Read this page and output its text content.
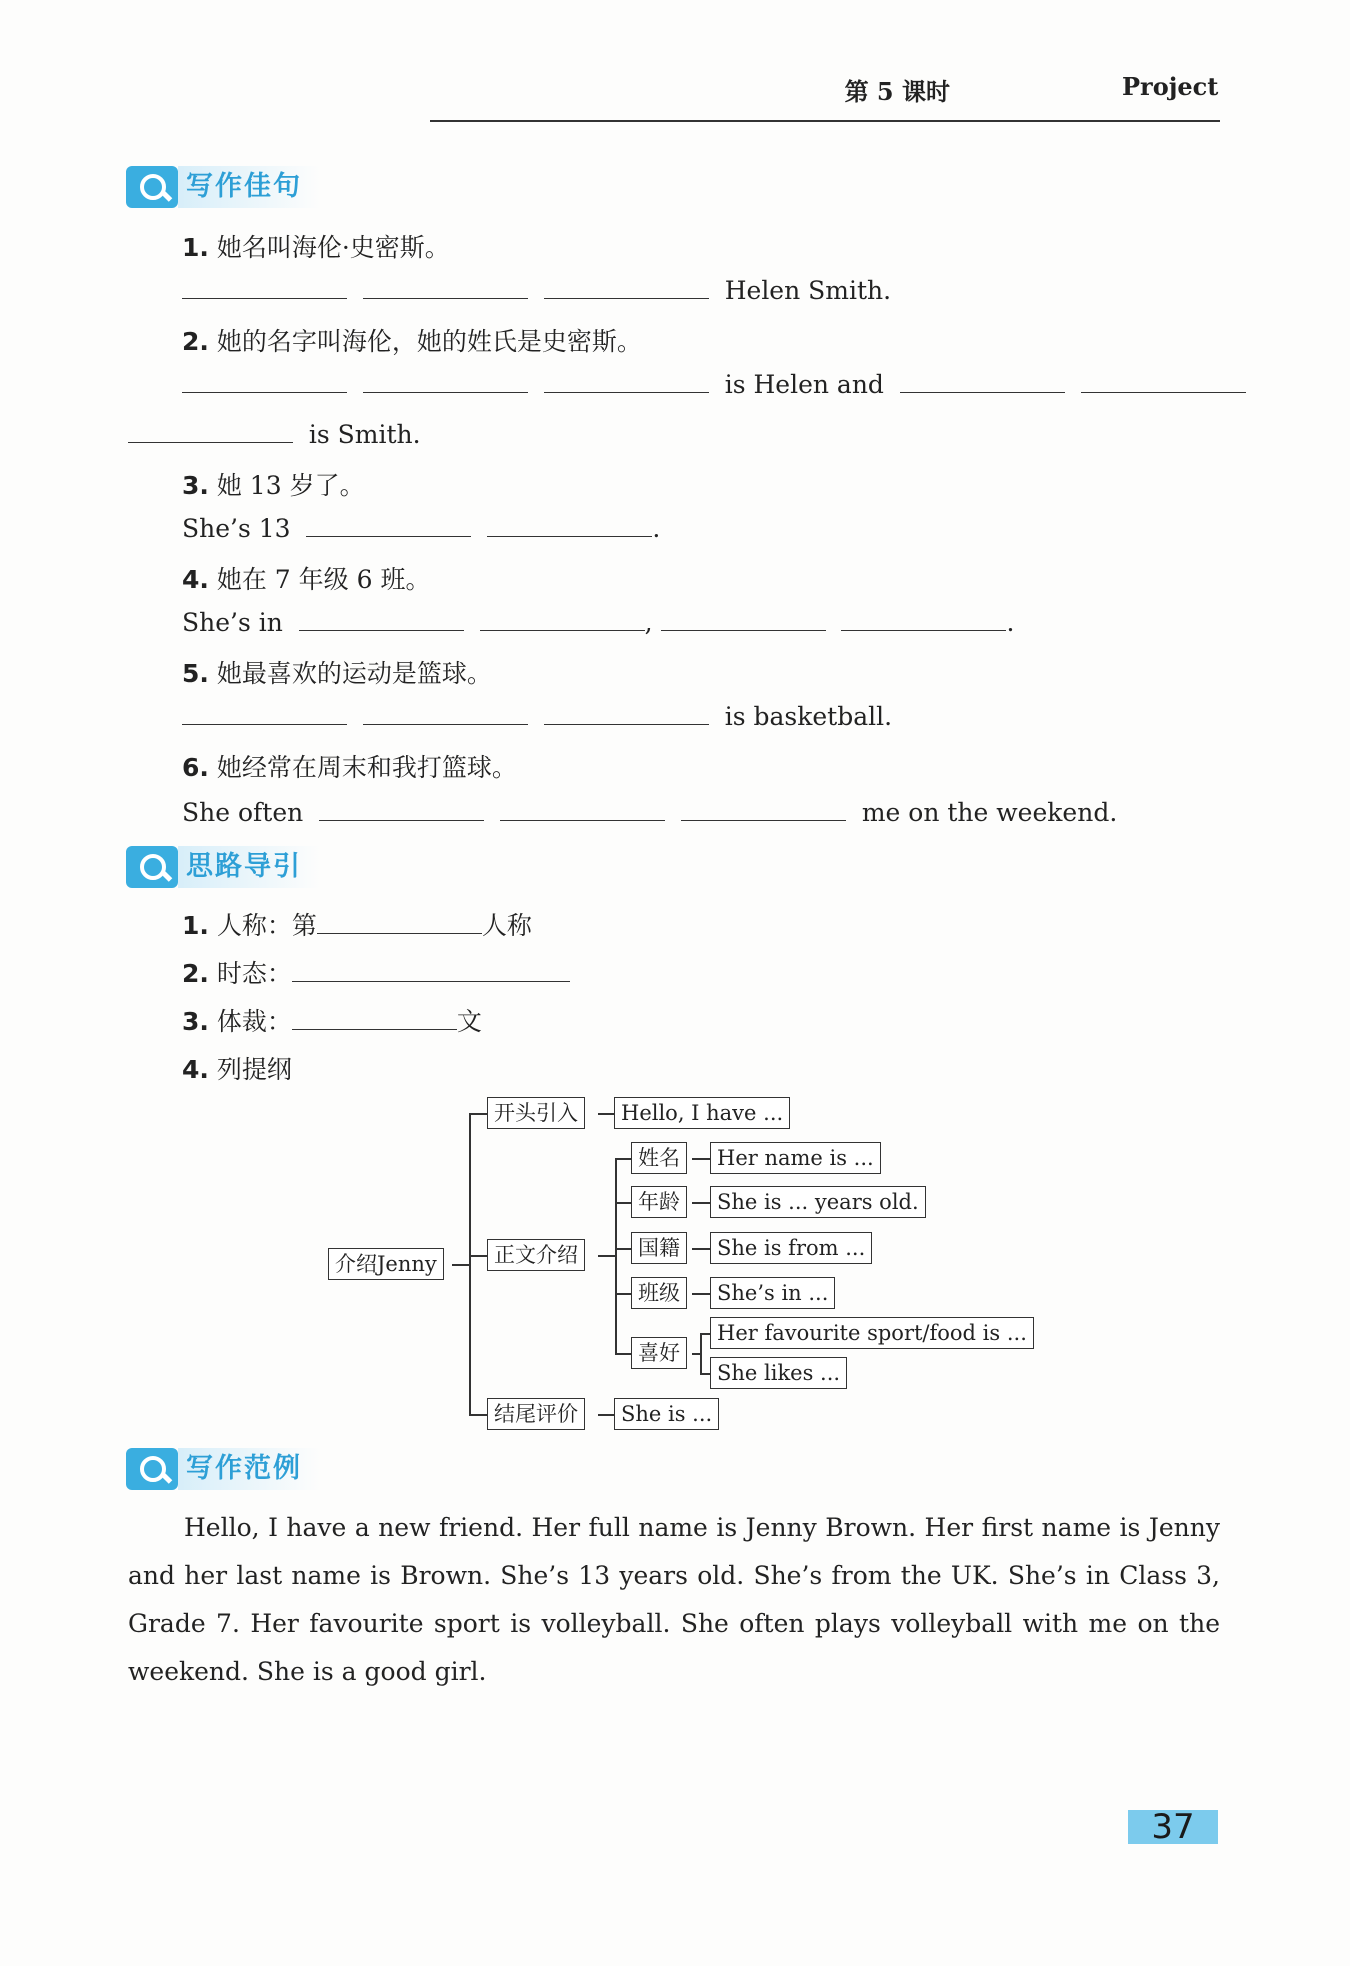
第 5 课时	Project
写作佳句
1. 她名叫海伦·史密斯。
Helen Smith.
2. 她的名字叫海伦，她的姓氏是史密斯。
is Helen and
is Smith.
3. 她 13 岁了。
She’s 13	.
4. 她在 7 年级 6 班。
She’s in	,	.
5. 她最喜欢的运动是篮球。
is basketball.
6. 她经常在周末和我打篮球。
She often	me on the weekend.
思路导引
1. 人称：第	人称
2. 时态：
3. 体裁：	文
4. 列提纲
介绍Jenny
开头引入	Hello, I have ...
正文介绍
姓名	Her name is ...
年龄	She is ... years old.
国籍	She is from ...
班级	She’s in ...
喜好
Her favourite sport/food is ...
She likes ...
结尾评价	She is ...
写作范例
Hello, I have a new friend. Her full name is Jenny Brown. Her first name is Jenny and her last name is Brown. She’s 13 years old. She’s from the UK. She’s in Class 3, Grade 7. Her favourite sport is volleyball. She often plays volleyball with me on the weekend. She is a good girl.
37
